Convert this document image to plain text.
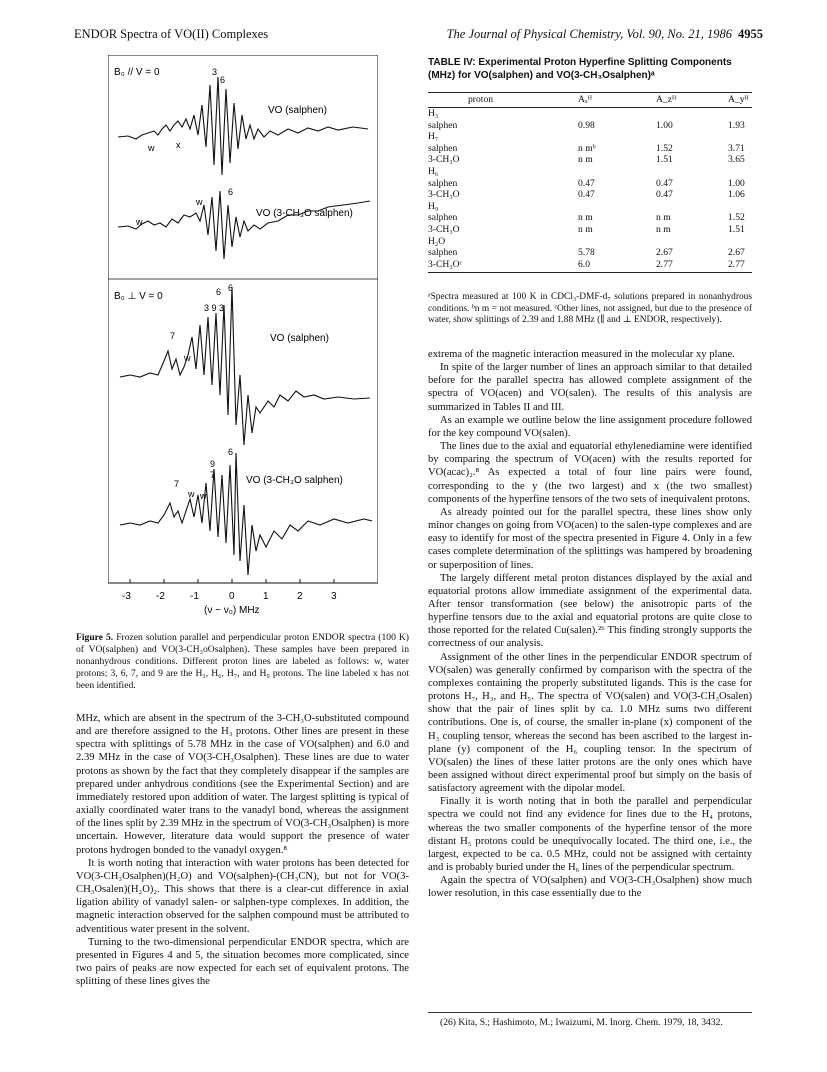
ENDOR Spectra of VO(II) Complexes	The Journal of Physical Chemistry, Vol. 90, No. 21, 1986 4955
B₀ // V = 0	3
6
w x
w
w
6
VO (salphen)
VO (3-CH₃O salphen)
B₀ ⊥ V = 0	6 6
3 9 3
7
w
9
7
6
w
7
w
VO (salphen)
VO (3-CH₃O salphen)
-3	-2	-1	0	1	2	3
(ν − ν₀) MHz
Figure 5. Frozen solution parallel and perpendicular proton ENDOR spectra (100 K) of VO(salphen) and VO(3-CH₃oOsalphen). These samples have been prepared in nonanhydrous conditions. Different proton lines are labeled as follows: w, water protons; 3, 6, 7, and 9 are the H₃, H₆, H₇, and H₉ protons. The line labeled x has not been identified.

MHz, which are absent in the spectrum of the 3-CH₃O-substituted compound and are therefore assigned to the H₃ protons. Other lines are present in these spectra with splittings of 5.78 MHz in the case of VO(salphen) and 6.0 and 2.39 MHz in the case of VO(3-CH₃Osalphen). These lines are due to water protons as shown by the fact that they completely disappear if the samples are prepared under anhydrous conditions (see the Experimental Section) and are immediately restored upon addition of water. The largest splitting is typical of axially coordinated water trans to the vanadyl bond, whereas the assignment of the lines split by 2.39 MHz in the spectrum of VO(3-CH₃Osalphen) is more uncertain. However, literature data would support the presence of water protons hydrogen bonded to the vanadyl oxygen.⁸

It is worth noting that interaction with water protons has been detected for VO(3-CH₃Osalphen)(H₂O) and VO(salphen)-(CH₃CN), but not for VO(3-CH₃Osalen)(H₂O)₂. This shows that there is a clear-cut difference in axial ligation ability of vanadyl salen- or salphen-type complexes. In addition, the magnetic interaction observed for the salphen compound must be attributed to adventitious water present in the solvent.

Turning to the two-dimensional perpendicular ENDOR spectra, which are presented in Figures 4 and 5, the situation becomes more complicated, since two pairs of peaks are now expected for each set of equivalent protons. The splitting of these lines gives the

TABLE IV: Experimental Proton Hyperfine Splitting Components (MHz) for VO(salphen) and VO(3-CH₃Osalphen)ᵃ
proton	Aₓᴴ	A_zᴴ	A_yᴴ
H₃			
salphen	0.98	1.00	1.93
H₇			
salphen	n mᵇ	1.52	3.71
3-CH₃O	n m	1.51	3.65
H₆			
salphen	0.47	0.47	1.00
3-CH₃O	0.47	0.47	1.06
H₉			
salphen	n m	n m	1.52
3-CH₃O	n m	n m	1.51
H₂O			
salphen	5.78	2.67	2.67
3-CH₃Oᶜ	6.0	2.77	2.77
ᵃSpectra measured at 100 K in CDCl₃-DMF-d₇ solutions prepared in nonanhydrous conditions. ᵇn m = not measured. ᶜOther lines, not assigned, but due to the presence of water, show splittings of 2.39 and 1.88 MHz (∥ and ⊥ ENDOR, respectively).

extrema of the magnetic interaction measured in the molecular xy plane.

In spite of the larger number of lines an approach similar to that detailed before for the parallel spectra has allowed complete assignment of the spectra of VO(acen) and VO(salen). The results of this analysis are summarized in Tables II and III.

As an example we outline below the line assignment procedure followed for the key compound VO(salen).

The lines due to the axial and equatorial ethylenediamine were identified by comparing the spectrum of VO(acen) with the results reported for VO(acac)₂.⁸ As expected a total of four line pairs were found, corresponding to the y (the two largest) and x (the two smallest) components of the hyperfine tensors of the two sets of inequivalent protons.

As already pointed out for the parallel spectra, these lines show only minor changes on going from VO(acen) to the salen-type complexes and are easy to identify for most of the spectra presented in Figure 4. Only in a few cases complete determination of the splittings was hampered by broadening or superposition of lines.

The largely different metal proton distances displayed by the axial and equatorial protons allow immediate assignment of the experimental data. After tensor transformation (see below) the anisotropic parts of the hyperfine tensors due to the axial and equatorial protons are quite close to those reported for the related Cu(salen).²⁶ This finding strongly supports the correctness of our analysis.

Assignment of the other lines in the perpendicular ENDOR spectrum of VO(salen) was generally confirmed by comparison with the spectra of the complexes containing the properly substituted ligands. This is the case for protons H₇, H₃, and H₅. The spectra of VO(salen) and VO(3-CH₃Osalen) show that the pair of lines split by ca. 1.0 MHz sums two different contributions. One is, of course, the smaller in-plane (x) component of the H₃ coupling tensor, whereas the second has been ascribed to the largest in-plane (y) component of the H₆ coupling tensor. In the spectrum of VO(salen) the lines of these latter protons are the only ones which have been assigned without direct experimental proof but simply on the basis of satisfactory agreement with the dipolar model.

Finally it is worth noting that in both the parallel and perpendicular spectra we could not find any evidence for lines due to the H₄ protons, whereas the two smaller components of the hyperfine tensor of the more distant H₅ protons could be unequivocally located. The third one, i.e., the largest, expected to be ca. 0.5 MHz, could not be assigned with certainty and is probably buried under the H₆ lines of the perpendicular spectrum.

Again the spectra of VO(salphen) and VO(3-CH₃Osalphen) show much lower resolution, in this case essentially due to the

(26) Kita, S.; Hashimoto, M.; Iwaizumi, M. Inorg. Chem. 1979, 18, 3432.
